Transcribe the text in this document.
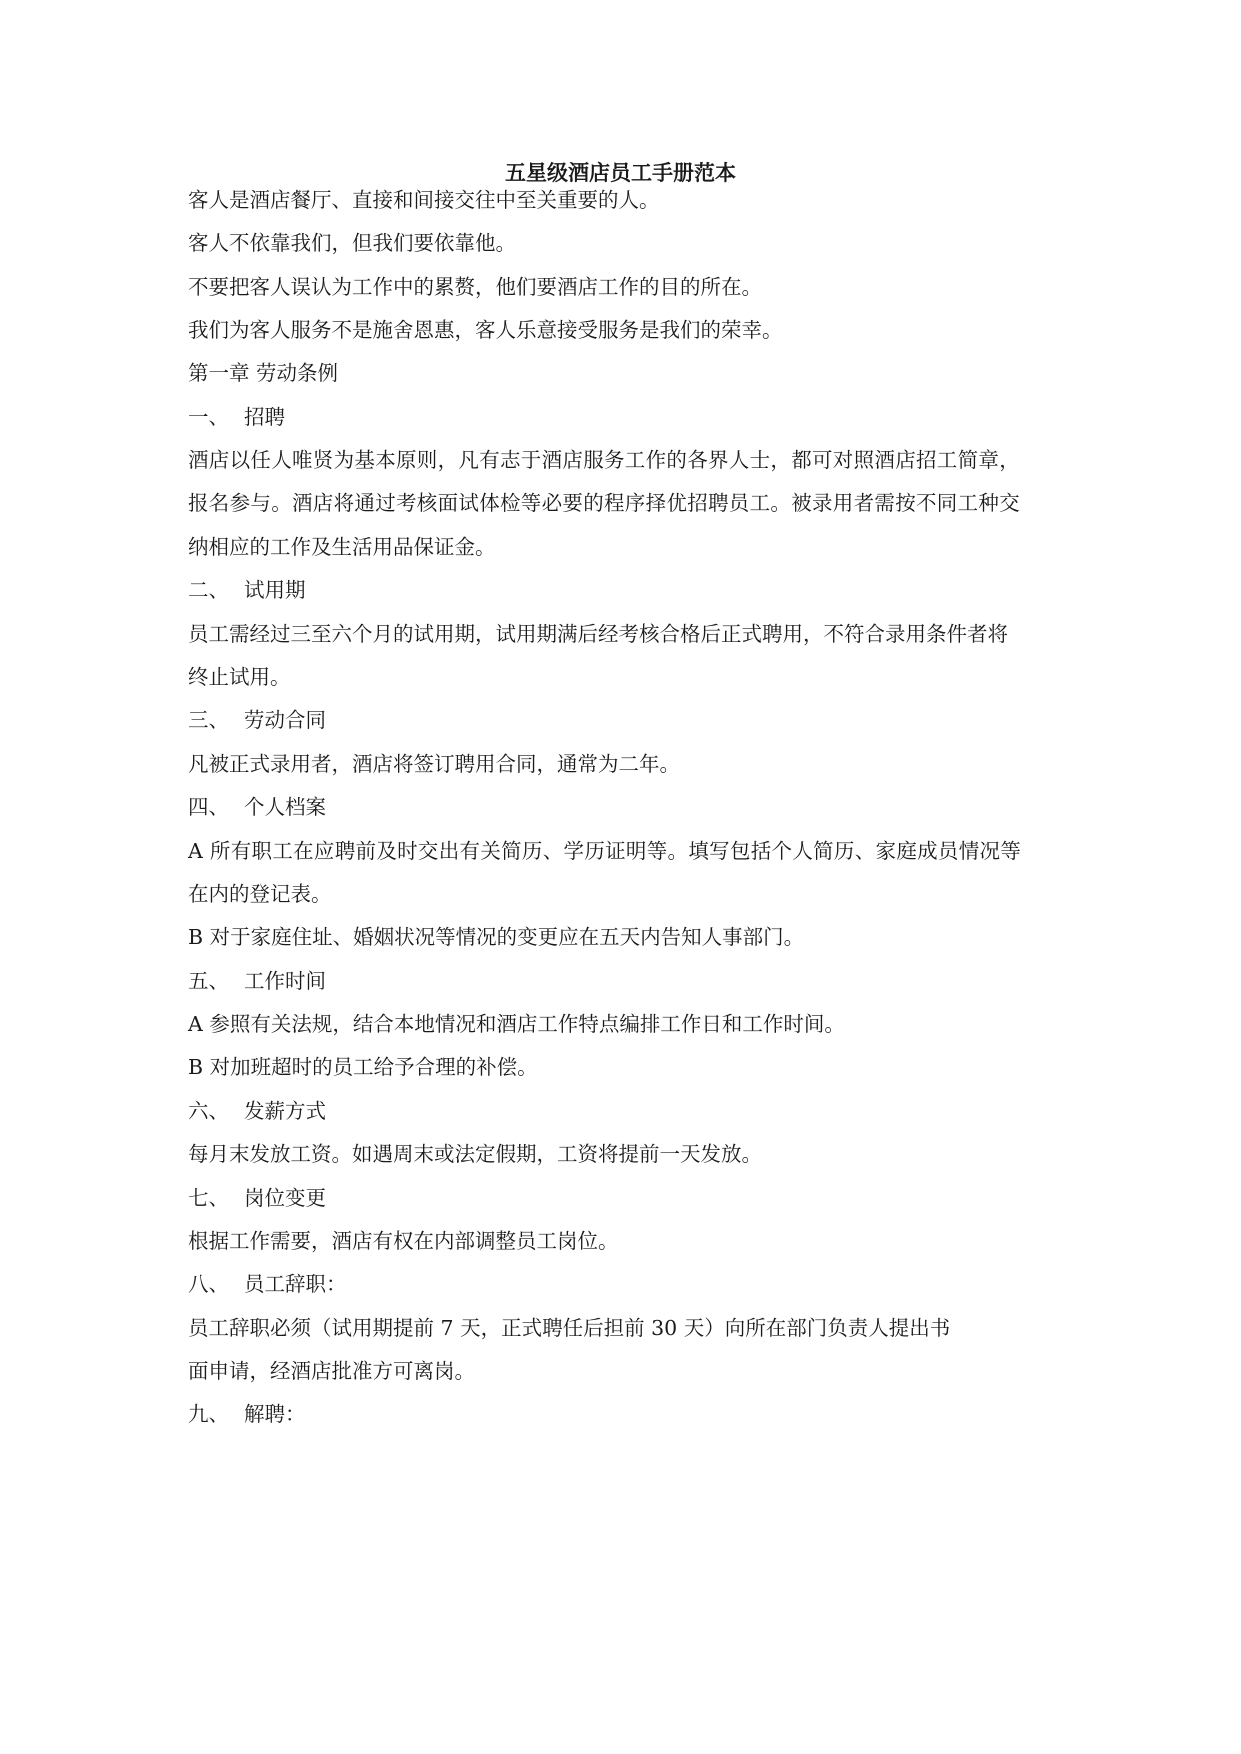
五星级酒店员工手册范本
客人是酒店餐厅、直接和间接交往中至关重要的人。
客人不依靠我们，但我们要依靠他。
不要把客人误认为工作中的累赘，他们要酒店工作的目的所在。
我们为客人服务不是施舍恩惠，客人乐意接受服务是我们的荣幸。
第一章 劳动条例
一、 招聘
酒店以任人唯贤为基本原则，凡有志于酒店服务工作的各界人士，都可对照酒店招工简章，
报名参与。酒店将通过考核面试体检等必要的程序择优招聘员工。被录用者需按不同工种交
纳相应的工作及生活用品保证金。
二、 试用期
员工需经过三至六个月的试用期，试用期满后经考核合格后正式聘用，不符合录用条件者将
终止试用。
三、 劳动合同
凡被正式录用者，酒店将签订聘用合同，通常为二年。
四、 个人档案
A 所有职工在应聘前及时交出有关简历、学历证明等。填写包括个人简历、家庭成员情况等
在内的登记表。
B 对于家庭住址、婚姻状况等情况的变更应在五天内告知人事部门。
五、 工作时间
A 参照有关法规，结合本地情况和酒店工作特点编排工作日和工作时间。
B 对加班超时的员工给予合理的补偿。
六、 发薪方式
每月末发放工资。如遇周末或法定假期，工资将提前一天发放。
七、 岗位变更
根据工作需要，酒店有权在内部调整员工岗位。
八、 员工辞职：
员工辞职必须（试用期提前 7 天，正式聘任后担前 30 天）向所在部门负责人提出书
面申请，经酒店批准方可离岗。
九、 解聘：
